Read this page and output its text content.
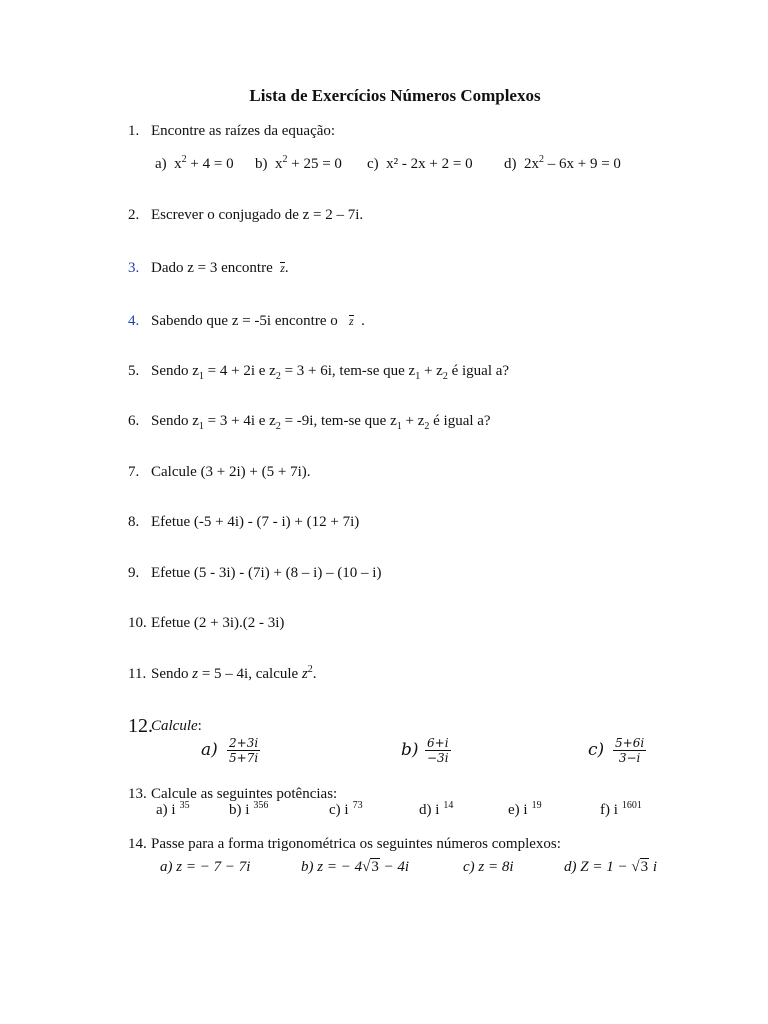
Lista de Exercícios Números Complexos
1. Encontre as raízes da equação:
a) $x^2 + 4 = 0$ b) $x^2 + 25 = 0$ c) x² - 2x + 2 = 0 d) $2x^2 - 6x + 9 = 0$
2. Escrever o conjugado de z = 2 – 7i.
3. Dado z = 3 encontre z.
4. Sabendo que z = -5i encontre o z .
5. Sendo $z_1 = 4 + 2i$ e $z_2 = 3 + 6i$, tem-se que $z_1 + z_2$ é igual a?
6. Sendo $z_1 = 3 + 4i$ e $z_2 = -9i$, tem-se que $z_1 + z_2$ é igual a?
7. Calcule (3 + 2i) + (5 + 7i).
8. Efetue (-5 + 4i) - (7 - i) + (12 + 7i)
9. Efetue (5 - 3i) - (7i) + (8 – i) – (10 – i)
10. Efetue (2 + 3i).(2 - 3i)
11. Sendo z = 5 – 4i, calcule $z^2$.
12.
Calcule:
$a) \frac{2+3i}{5+7i}$	$b) \frac{6+i}{-3i}$	$c) \frac{5+6i}{3-i}$
13. Calcule as seguintes potências:
a) i $^{35}$	b) i $^{356}$	c) i $^{73}$	d) i $^{14}$	e) i $^{19}$	f) i $^{1601}$
14. Passe para a forma trigonométrica os seguintes números complexos:
a) z = − 7 − 7i	b) z = − 4√3 − 4i	c) z = 8i	d) Z = 1 − √3 i
